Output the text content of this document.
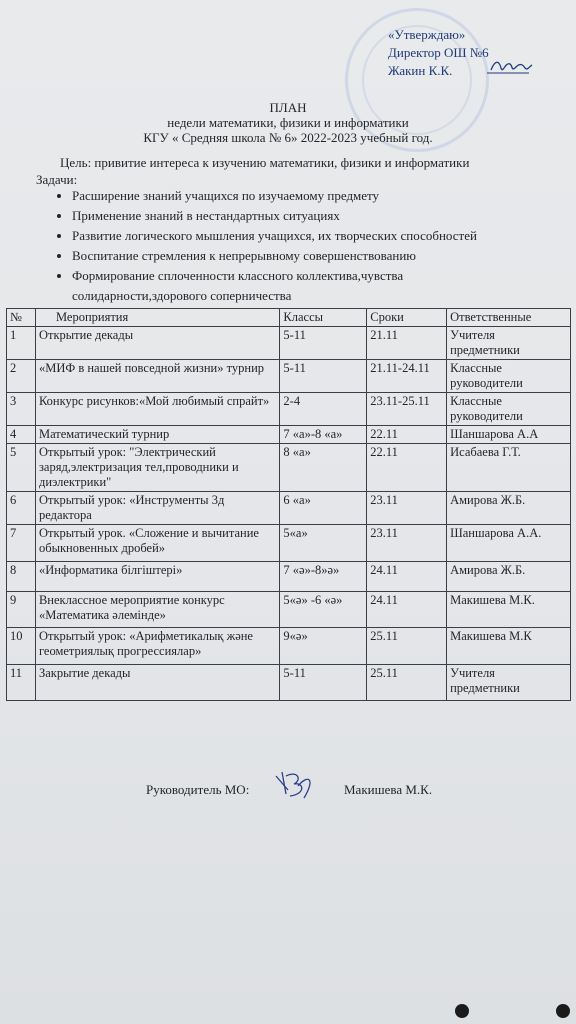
«Утверждаю»
Директор ОШ №6
Жакин К.К.
ПЛАН
недели математики, физики и информатики
КГУ « Средняя школа № 6» 2022-2023 учебный год.
Цель: привитие интереса к изучению математики, физики и информатики
Задачи:
• Расширение знаний учащихся по изучаемому предмету
• Применение знаний в нестандартных ситуациях
• Развитие логического мышления учащихся, их творческих способностей
• Воспитание стремления к непрерывному совершенствованию
• Формирование сплоченности классного коллектива,чувства
солидарности,здорового соперничества
№	Мероприятия	Классы	Сроки	Ответственные
1	Открытие декады	5-11	21.11	Учителя предметники
2	«МИФ в нашей повседной жизни» турнир	5-11	21.11-24.11	Классные руководители
3	Конкурс рисунков:«Мой любимый спрайт»	2-4	23.11-25.11	Классные руководители
4	Математический турнир	7 «а»-8 «а»	22.11	Шаншарова А.А
5	Открытый урок: "Электрический заряд,электризация тел,проводники и диэлектрики"	8 «а»	22.11	Исабаева Г.Т.
6	Открытый урок: «Инструменты 3д редактора	6 «а»	23.11	Амирова Ж.Б.
7	Открытый урок. «Сложение и вычитание обыкновенных дробей»	5«а»	23.11	Шаншарова А.А.
8	«Информатика білгіштері»	7 «ә»-8»ә»	24.11	Амирова Ж.Б.
9	Внеклассное мероприятие конкурс «Математика әлемінде»	5«ә» -6 «ә»	24.11	Макишева М.К.
10	Открытый урок: «Арифметикалық және геометриялық прогрессиялар»	9«ә»	25.11	Макишева М.К
11	Закрытие декады	5-11	25.11	Учителя предметники
Руководитель МО:	Макишева М.К.
